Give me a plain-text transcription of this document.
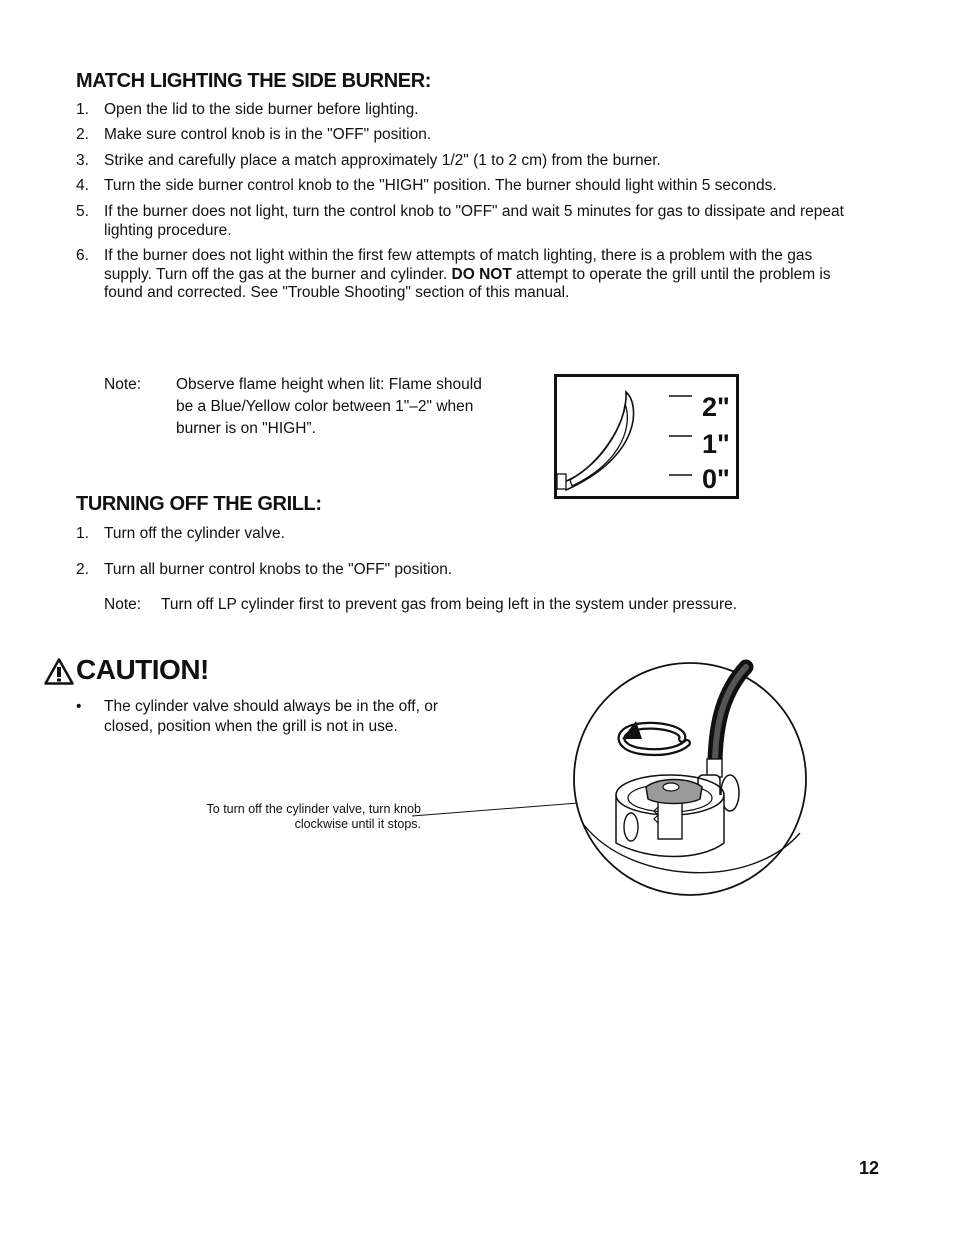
MATCH LIGHTING THE SIDE BURNER:
1. Open the lid to the side burner before lighting.
2. Make sure control knob is in the "OFF" position.
3. Strike and carefully place a match approximately 1/2" (1 to 2 cm) from the burner.
4. Turn the side burner control knob to the "HIGH" position. The burner should light within 5 seconds.
5. If the burner does not light, turn the control knob to "OFF" and wait 5 minutes for gas to dissipate and repeat lighting procedure.
6. If the burner does not light within the first few attempts of match lighting, there is a problem with the gas supply. Turn off the gas at the burner and cylinder. DO NOT attempt to operate the grill until the problem is found and corrected. See "Trouble Shooting" section of this manual.
Note: Observe flame height when lit: Flame should be a Blue/Yellow color between 1"–2" when burner is on "HIGH”.
2"
1"
0"
TURNING OFF THE GRILL:
1. Turn off the cylinder valve.
2. Turn all burner control knobs to the "OFF" position.
Note: Turn off LP cylinder first to prevent gas from being left in the system under pressure.
CAUTION!
• The cylinder valve should always be in the off, or closed, position when the grill is not in use.
To turn off the cylinder valve, turn knob clockwise until it stops.
12
